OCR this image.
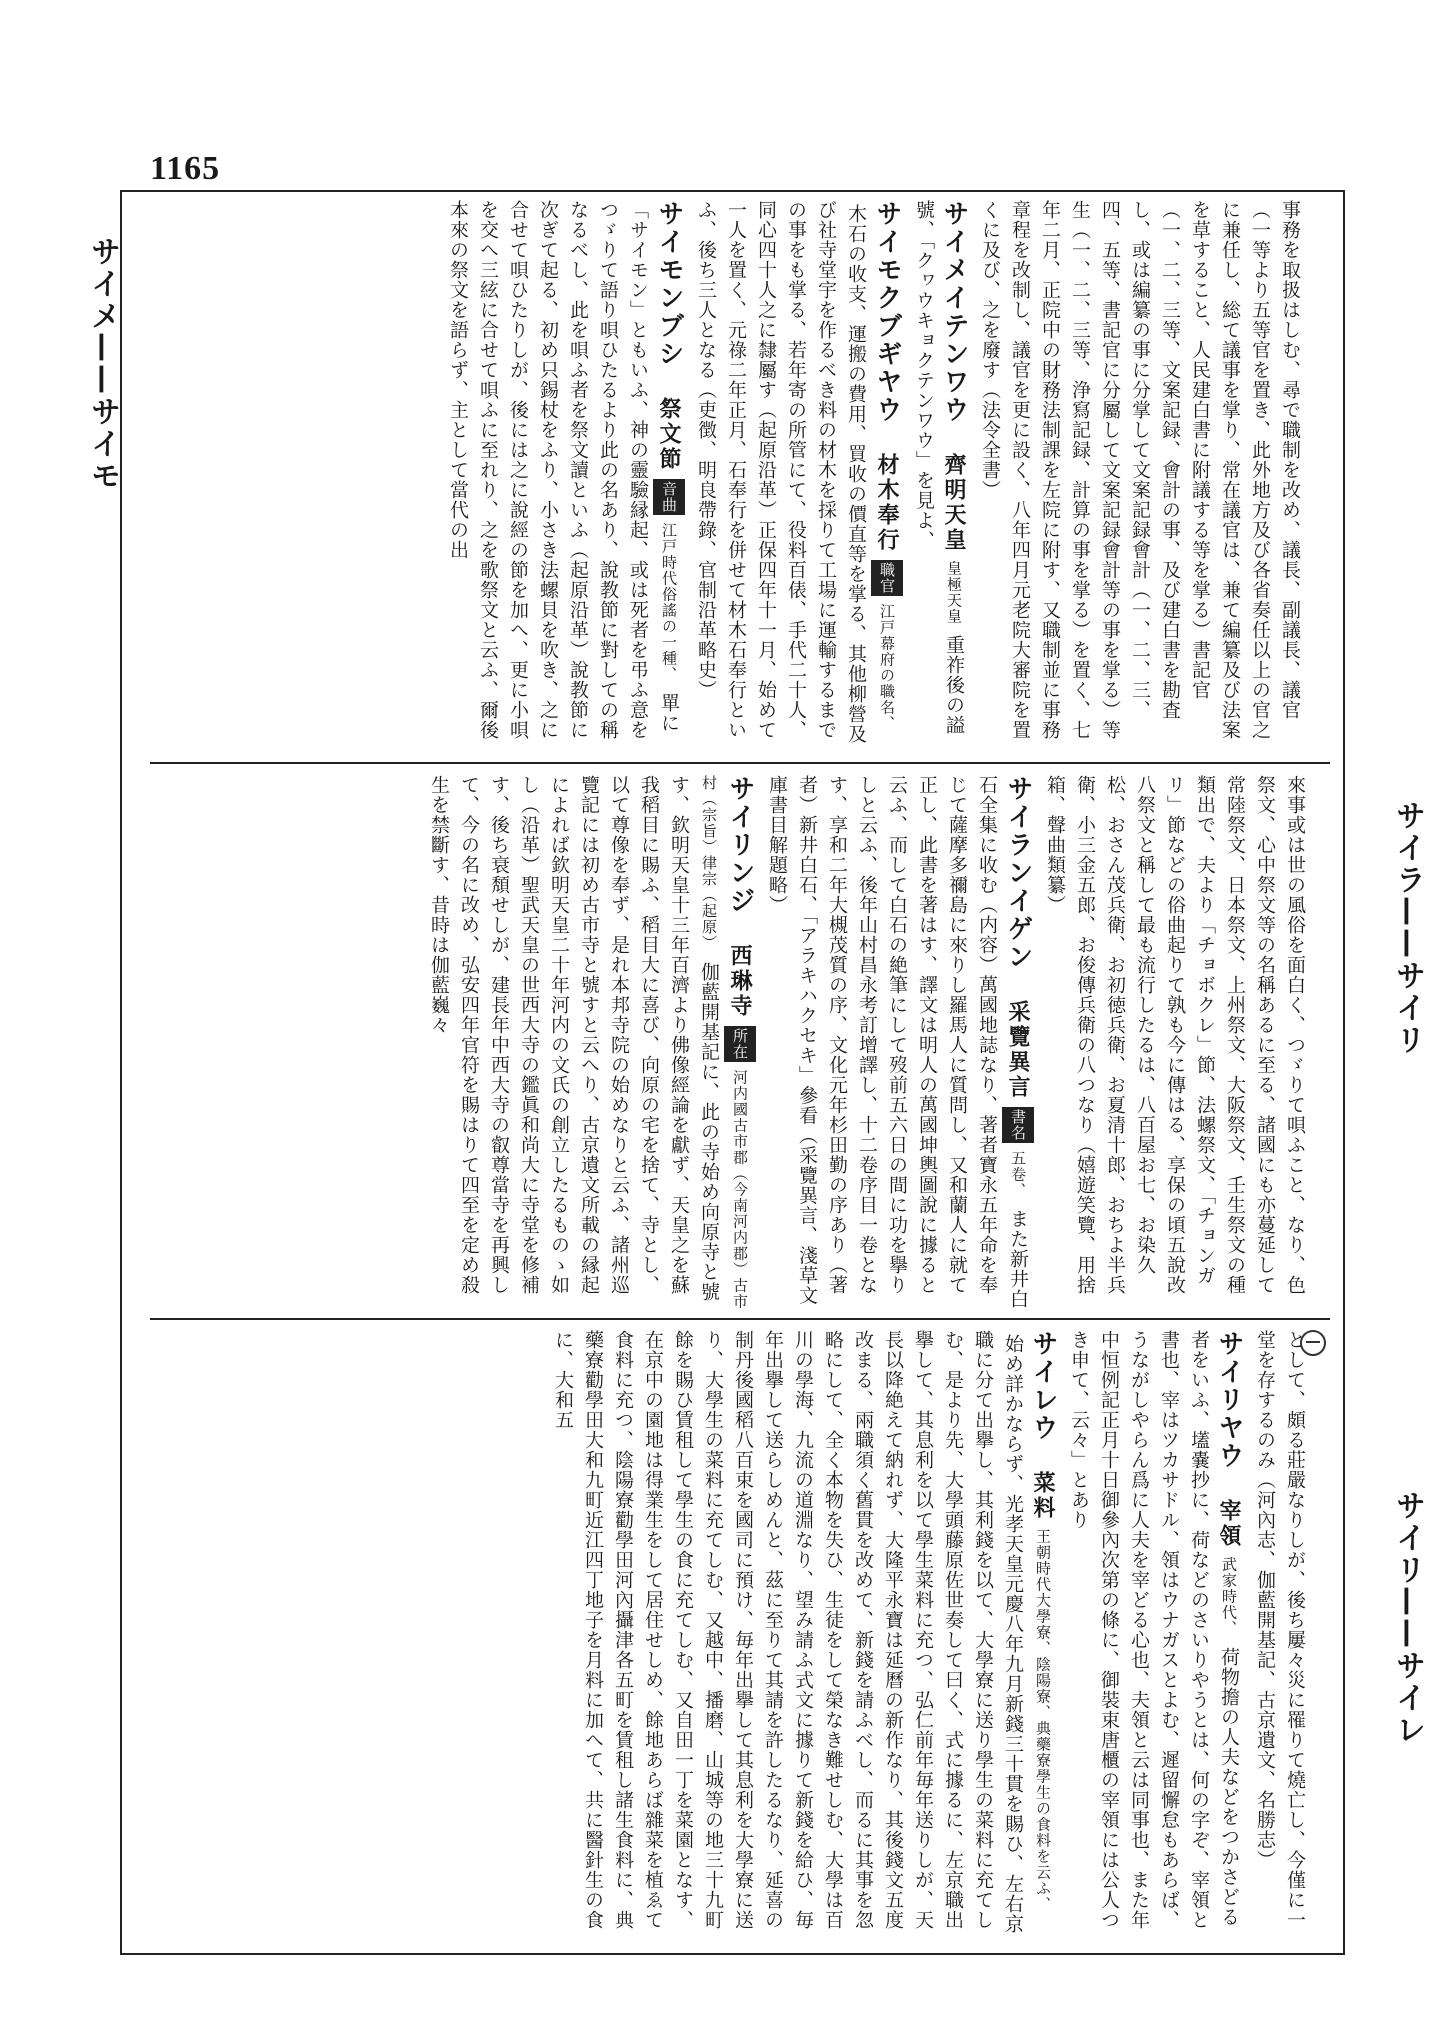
1165
サイメ——サイモ
サイラ——サイリ
サイリ——サイレ

事務を取扱はしむ、尋で職制を改め、議長、副議長、議官（一等より五等官を置き、此外地方及び各省奏任以上の官之に兼任し、総て議事を掌り、常在議官は、兼て編纂及び法案を草すること、人民建白書に附議する等を掌る）書記官（一、二、三等、文案記録、會計の事、及び建白書を勘査し、或は編纂の事に分掌して文案記録會計（一、二、三、四、五等、書記官に分屬して文案記録會計等の事を掌る）等生（一、二、三等、浄寫記録、計算の事を掌る）を置く、七年二月、正院中の財務法制課を左院に附す、又職制並に事務章程を改制し、議官を更に設く、八年四月元老院大審院を置くに及び、之を廢す（法令全書）

サイメイテンワウ 齊明天皇 皇極天皇 重祚後の謚號、「クヮウキョクテンワウ」を見よ、

サイモクブギヤウ 材木奉行 職官 江戸幕府の職名、 木石の收支、運搬の費用、買收の價直等を掌る、其他柳營及び社寺堂宇を作るべき料の材木を採りて工場に運輸するまでの事をも掌る、若年寄の所管にて、役料百俵、手代二十人、同心四十人之に隸屬す（起原沿革）正保四年十一月、始めて一人を置く、元祿二年正月、石奉行を併せて材木石奉行といふ、後ち三人となる（吏徴、明良帶錄、官制沿革略史）

サイモンブシ 祭文節 音曲 江戸時代俗謠の一種、 單に「サイモン」ともいふ、神の靈驗縁起、或は死者を弔ふ意をつゞりて語り唄ひたるより此の名あり、說教節に對しての稱なるべし、此を唄ふ者を祭文讀といふ（起原沿革）說教節に次ぎて起る、初め只錫杖をふり、小さき法螺貝を吹き、之に合せて唄ひたりしが、後には之に說經の節を加へ、更に小唄を交へ三絃に合せて唄ふに至れり、之を歌祭文と云ふ、爾後本來の祭文を語らず、主として當代の出

來事或は世の風俗を面白く、つゞりて唄ふこと、なり、色祭文、心中祭文等の名稱あるに至る、諸國にも亦蔓延して常陸祭文、日本祭文、上州祭文、大阪祭文、壬生祭文の種類出で、夫より「チョボクレ」節、法螺祭文、「チョンガリ」節などの俗曲起りて孰も今に傳はる、享保の頃五說改八祭文と稱して最も流行したるは、八百屋お七、お染久松、おさん茂兵衛、お初徳兵衛、お夏清十郎、おちよ半兵衛、小三金五郎、お俊傳兵衛の八つなり（嬉遊笑覽、用捨箱、聲曲類纂）

サイランイゲン 采覽異言 書名 五卷、 また新井白石全集に收む（内容）萬國地誌なり、著者寶永五年命を奉じて薩摩多禰島に來りし羅馬人に質問し、又和蘭人に就て正し、此書を著はす、譯文は明人の萬國坤輿圖說に據ると云ふ、而して白石の絶筆にして歿前五六日の間に功を擧りしと云ふ、後年山村昌永考訂增譯し、十二卷序目一卷となす、享和二年大槻茂質の序、文化元年杉田勤の序あり（著者）新井白石、「アラキハクセキ」參看（采覽異言、淺草文庫書目解題略）

サイリンジ 西琳寺 所在 河内國古市郡（今南河内郡）古市村（宗旨）律宗（起原） 伽藍開基記に、此の寺始め向原寺と號す、欽明天皇十三年百濟より佛像經論を獻ず、天皇之を蘇我稻目に賜ふ、稻目大に喜び、向原の宅を捨て、寺とし、以て尊像を奉ず、是れ本邦寺院の始めなりと云ふ、諸州巡覽記には初め古市寺と號すと云へり、古京遺文所載の縁起によれば欽明天皇二十年河内の文氏の創立したるものゝ如し（沿革）聖武天皇の世西大寺の鑑眞和尚大に寺堂を修補す、後ち衰頽せしが、建長年中西大寺の叡尊當寺を再興して、今の名に改め、弘安四年官符を賜はりて四至を定め殺生を禁斷す、昔時は伽藍巍々

として、頗る莊嚴なりしが、後ち屢々災に罹りて燒亡し、今僅に一堂を存するのみ（河內志、伽藍開基記、古京遺文、名勝志）

サイリヤウ 宰領 武家時代、 荷物擔の人夫などをつかさどる者をいふ、壒嚢抄に、荷などのさいりやうとは、何の字ぞ、宰領と書也、宰はツカサドル、領はウナガスとよむ、遲留懈怠もあらば、うながしやらん爲に人夫を宰どる心也、夫領と云は同事也、また年中恒例記正月十日御參內次第の條に、御裝束唐櫃の宰領には公人つき申て、云々」とあり

サイレウ 菜料 王朝時代大學寮、陰陽寮、典藥寮學生の食料を云ふ、 始め詳かならず、光孝天皇元慶八年九月新錢三十貫を賜ひ、左右京職に分て出擧し、其利錢を以て、大學寮に送り學生の菜料に充てしむ、是より先、大學頭藤原佐世奏して曰く、式に據るに、左京職出擧して、其息利を以て學生菜料に充つ、弘仁前年毎年送りしが、天長以降絶えて納れず、大隆平永寶は延曆の新作なり、其後錢文五度改まる、兩職須く舊貫を改めて、新錢を請ふべし、而るに其事を忽略にして、全く本物を失ひ、生徒をして榮なき難せしむ、大學は百川の學海、九流の道淵なり、望み請ふ式文に據りて新錢を給ひ、毎年出擧して送らしめんと、茲に至りて其請を許したるなり、延喜の制丹後國稻八百束を國司に預け、毎年出擧して其息利を大學寮に送り、大學生の菜料に充てしむ、又越中、播磨、山城等の地三十九町餘を賜ひ賃租して學生の食に充てしむ、又自田一丁を菜園となす、在京中の園地は得業生をして居住せしめ、餘地あらば雜菜を植ゑて食料に充つ、陰陽寮勸學田河內攝津各五町を賃租し諸生食料に、典藥寮勸學田大和九町近江四丁地子を月料に加へて、共に醫針生の食に、大和五
